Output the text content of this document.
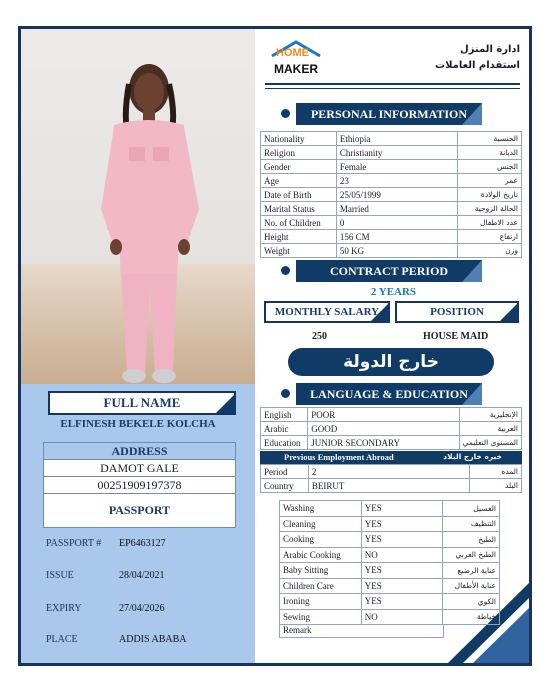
FULL NAME
ELFINESH BEKELE KOLCHA
ADDRESS
DAMOT GALE
00251909197378
PASSPORT
PASSPORT # EP6463127
ISSUE	28/04/2021
EXPIRY	27/04/2026
PLACE	ADDIS ABABA
HOME
MAKER
ادارة المنزل
استقدام العاملات
PERSONAL INFORMATION
Nationality	Ethiopia	الجنسية
Religion	Christianity	الديانة
Gender	Female	الجنس
Age	23	عمر
Date of Birth	25/05/1999	تاريخ الولادة
Marital Status	Married	الحالة الزوجية
No. of Children	0	عدد الاطفال
Height	156 CM	ارتفاع
Weight	50 KG	وزن
CONTRACT PERIOD
2 YEARS
MONTHLY SALARY	POSITION
250	HOUSE MAID
خارج الدولة
LANGUAGE & EDUCATION
English	POOR	الإنجليزية
Arabic	GOOD	العربية
Education	JUNIOR SECONDARY	المستوى التعليمي
Previous Employment Abroad	خبره خارج البلاد
Period	2	المده
Country	BEIRUT	البلد
Washing	YES	الغسيل
Cleaning	YES	التنظيف
Cooking	YES	الطبخ
Arabic Cooking	NO	الطبخ العربي
Baby Sitting	YES	عناية الرضيع
Children Care	YES	عناية الأطفال
Ironing	YES	الكوي
Sewing	NO	خياطة
Remark
